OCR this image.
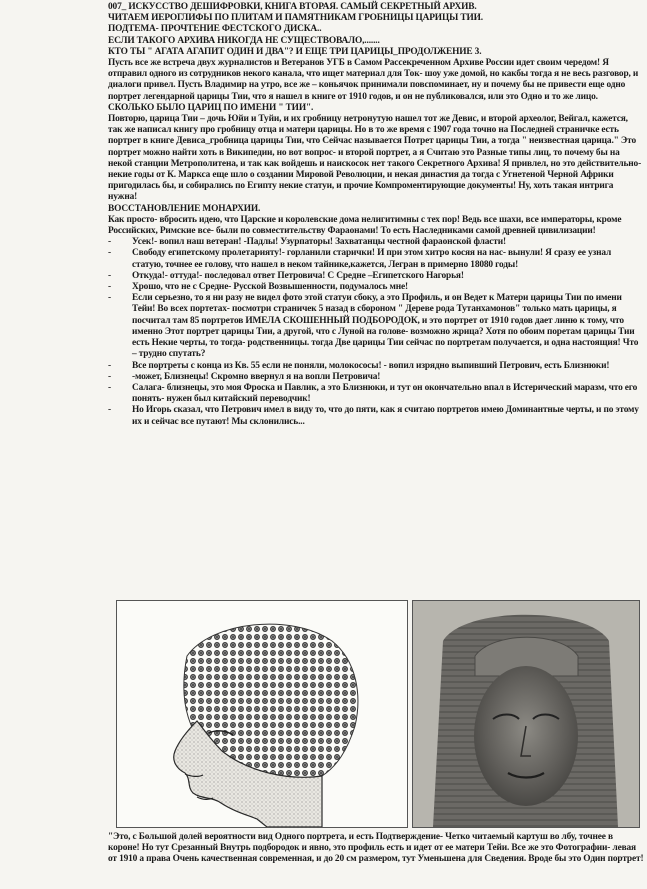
007_ ИСКУССТВО ДЕШИФРОВКИ, КНИГА ВТОРАЯ. САМЫЙ СЕКРЕТНЫЙ АРХИВ.
ЧИТАЕМ ИЕРОГЛИФЫ ПО ПЛИТАМ И ПАМЯТНИКАМ ГРОБНИЦЫ ЦАРИЦЫ ТИИ.
ПОДТЕМА- ПРОЧТЕНИЕ ФЕСТСКОГО ДИСКА..
ЕСЛИ ТАКОГО АРХИВА НИКОГДА НЕ СУЩЕСТВОВАЛО,.......
КТО ТЫ " АГАТА АГАПИТ ОДИН И ДВА"? И ЕЩЕ ТРИ ЦАРИЦЫ_ПРОДОЛЖЕНИЕ 3.
Пусть все же встреча двух журналистов и Ветеранов УГБ в Самом Рассекреченном Архиве России идет своим чередом! Я отправил одного из сотрудников некого канала, что ищет материал для Ток- шоу уже домой, но какбы тогда я не весь разговор, и диалоги привел. Пусть Владимир на утро, все же – коньячок принимали повспоминает, ну и почему бы не привести еще одно портрет легендарной царицы Тии, что я нашел в книге от 1910 годов, и он не публиковался, или это Одно и то же лицо.
СКОЛЬКО БЫЛО ЦАРИЦ ПО ИМЕНИ " ТИИ".
Повторю, царица Тии – дочь Юйи и Туйи, и их гробницу нетронутую нашел тот же Девис, и второй археолог, Вейгал, кажется, так же написал книгу про гробницу отца и матери царицы. Но в то же время с 1907 года точно на Последней страничке есть портрет в книге Девиса_гробница царицы Тии, что Сейчас называется Потрет царицы Тии, а тогда " неизвестная царица." Это портрет можно найти хоть в Википедии, но вот вопрос- и второй портрет, а я Считаю это Разные типы лиц, то почему бы на некой станции Метрополитена, и так как войдешь и наискосок нет такого Секретного Архива! Я привлел, но это действительно- некие годы от К. Маркса еще шло о создании Мировой Революции, и некая династия да тогда с Угнетеной Черной Африки пригодилась бы, и собирались по Египту некие статуи, и прочие Компроментирующие документы! Ну, хоть такая интрига нужна!
ВОССТАНОВЛЕНИЕ МОНАРХИИ.
Как просто- вбросить идею, что Царские и королевские дома нелигитимны с тех пор! Ведь все шахи, все императоры, кроме Российских, Римские все- были по совместительству Фараонами! То есть Наследниками самой древней цивилизации!
-	Усек!- вопил наш ветеран! -Падлы! Узурпаторы! Захватанцы честной фараонской фласти!
-	Свободу египетскому пролетарияту!- горланили старички! И при этом хитро косяя на нас- вынули! Я сразу ее узнал статую, точнее ее голову, что нашел в неком тайнике,кажется, Легран в примерно 18080 годы!
-	Откуда!- оттуда!- последовал ответ Петровича! С Средне –Египетского Нагорья!
-	Хрошо, что не с Средне- Русской Возвышенности, подумалось мне!
-	Если серьезно, то я ни разу не видел фото этой статуи сбоку, а это Профиль, и он Ведет к Матери царицы Тии по имени Тейи! Во всех портетах- посмотри страничек 5 назад в сбороном " Дереве рода Тутанхамонов" только мать царицы, я посчитал там 85 портретов ИМЕЛА СКОШЕННЫЙ ПОДБОРОДОК, и это портрет от 1910 годов дает линю к тому, что именно Этот портрет царицы Тии, а другой, что с Луной на голове- возможно жрица? Хотя по обоим поретам царицы Тии есть Некие черты, то тогда- родственницы. тогда Две царицы Тии сейчас по портретам получается, и одна настоящия! Что – трудно спутать?
-	Все портреты с конца из Кв. 55 если не поняли, молокососы! - вопил изрядно выпивший Петрович, есть Близнюки!
-	-может, Близнецы! Скромно ввернул я на вопли Петровича!
-	Салага- близнецы, это моя Фроска и Павлик, а это Близнюки, и тут он окончательно впал в Истерический маразм, что его понять- нужен был китайский переводчик!
-	Но Игорь сказал, что Петрович имел в виду то, что до пяти, как я считаю портретов имею Доминантные черты, и по этому их и сейчас все путают! Мы склонились...
"Это, с Большой долей вероятности вид Одного портрета, и есть Подтверждение- Четко читаемый картуш во лбу, точнее в короне! Но тут Срезанный Внутрь подбородок и явно, это профиль есть и идет от ее матери Тейи. Все же это Фотографии- левая от 1910 а права Очень качественная современная, и до 20 см размером, тут Уменьшена для Сведения. Вроде бы это Один портрет!
